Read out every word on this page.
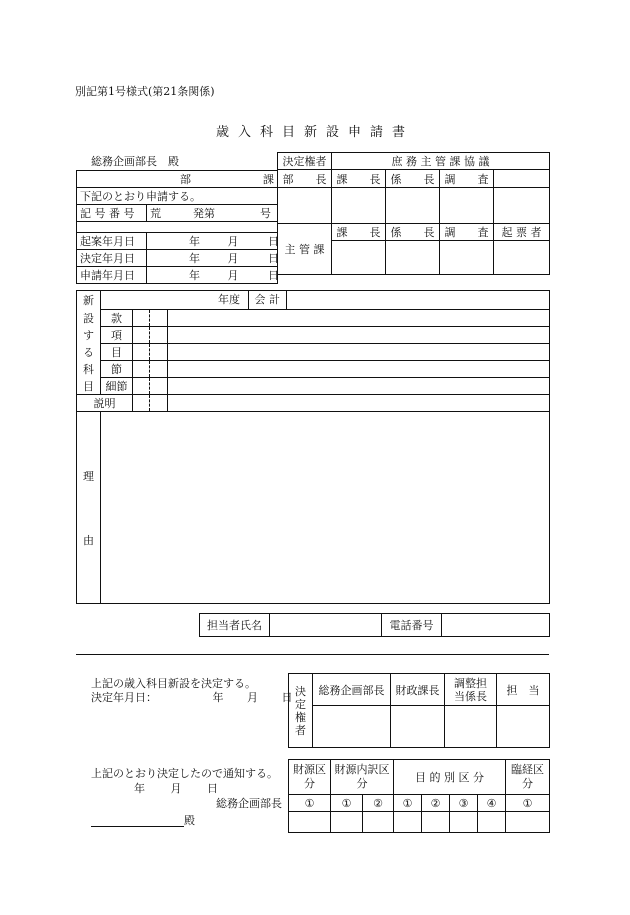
別記第1号様式(第21条関係)
歳入科目新設申請書
総務企画部長　殿
部 課	

下記のとおり申請する。	
記 号 番 号	荒 発第 号

起案年月日	年 月 日
決定年月日	年 月 日
申請年月日	年 月 日
決定権者	庶 務 主 管 課 協 議			
部　　長	課　　長	係　　長	調　　査	

主 管 課	課　　長	係　　長	調　　査	起 票 者

新	年度 会 計			
設	款			
す	項			
る	目			
科	節			
目	細節			
説明				

理
由				

担当者氏名		電話番号	
上記の歳入科目新設を決定する。
決定年月日：	年 月 日 決定権者	総務企画部長	財政課長	調整担当係長	担　当

上記のとおり決定したので通知する。
年 月 日
総務企画部長
殿
財源区分	財源内訳区分		目 的 別 区 分				臨経区分
①	①	②	①	②	③	④	①
